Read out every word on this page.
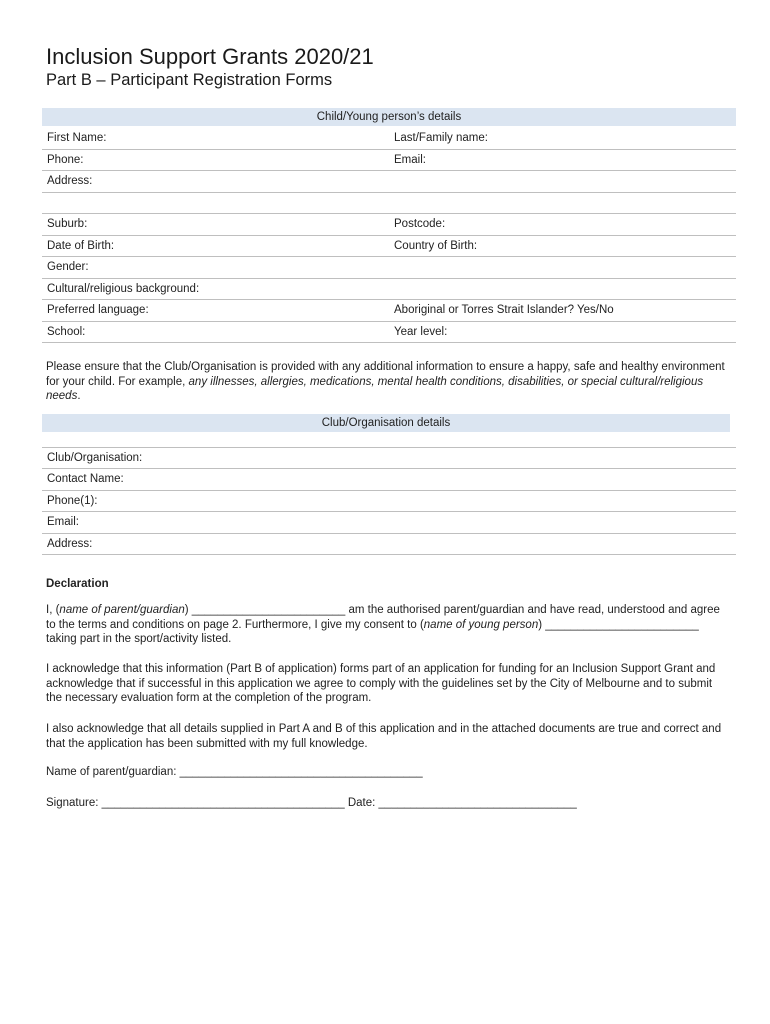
Inclusion Support Grants 2020/21
Part B – Participant Registration Forms
Child/Young person’s details
First Name:	Last/Family name:
Phone:	Email:
Address:
Suburb:	Postcode:
Date of Birth:	Country of Birth:
Gender:
Cultural/religious background:
Preferred language:	Aboriginal or Torres Strait Islander? Yes/No
School:	Year level:
Please ensure that the Club/Organisation is provided with any additional information to ensure a happy, safe and healthy environment for your child. For example, any illnesses, allergies, medications, mental health conditions, disabilities, or special cultural/religious needs.
Club/Organisation details
Club/Organisation:
Contact Name:
Phone(1):
Email:
Address:
Declaration
I, (name of parent/guardian) ________________________ am the authorised parent/guardian and have read, understood and agree to the terms and conditions on page 2. Furthermore, I give my consent to (name of young person) ________________________ taking part in the sport/activity listed.
I acknowledge that this information (Part B of application) forms part of an application for funding for an Inclusion Support Grant and acknowledge that if successful in this application we agree to comply with the guidelines set by the City of Melbourne and to submit the necessary evaluation form at the completion of the program.
I also acknowledge that all details supplied in Part A and B of this application and in the attached documents are true and correct and that the application has been submitted with my full knowledge.
Name of parent/guardian: ______________________________________
Signature: ______________________________________ Date: _______________________________
